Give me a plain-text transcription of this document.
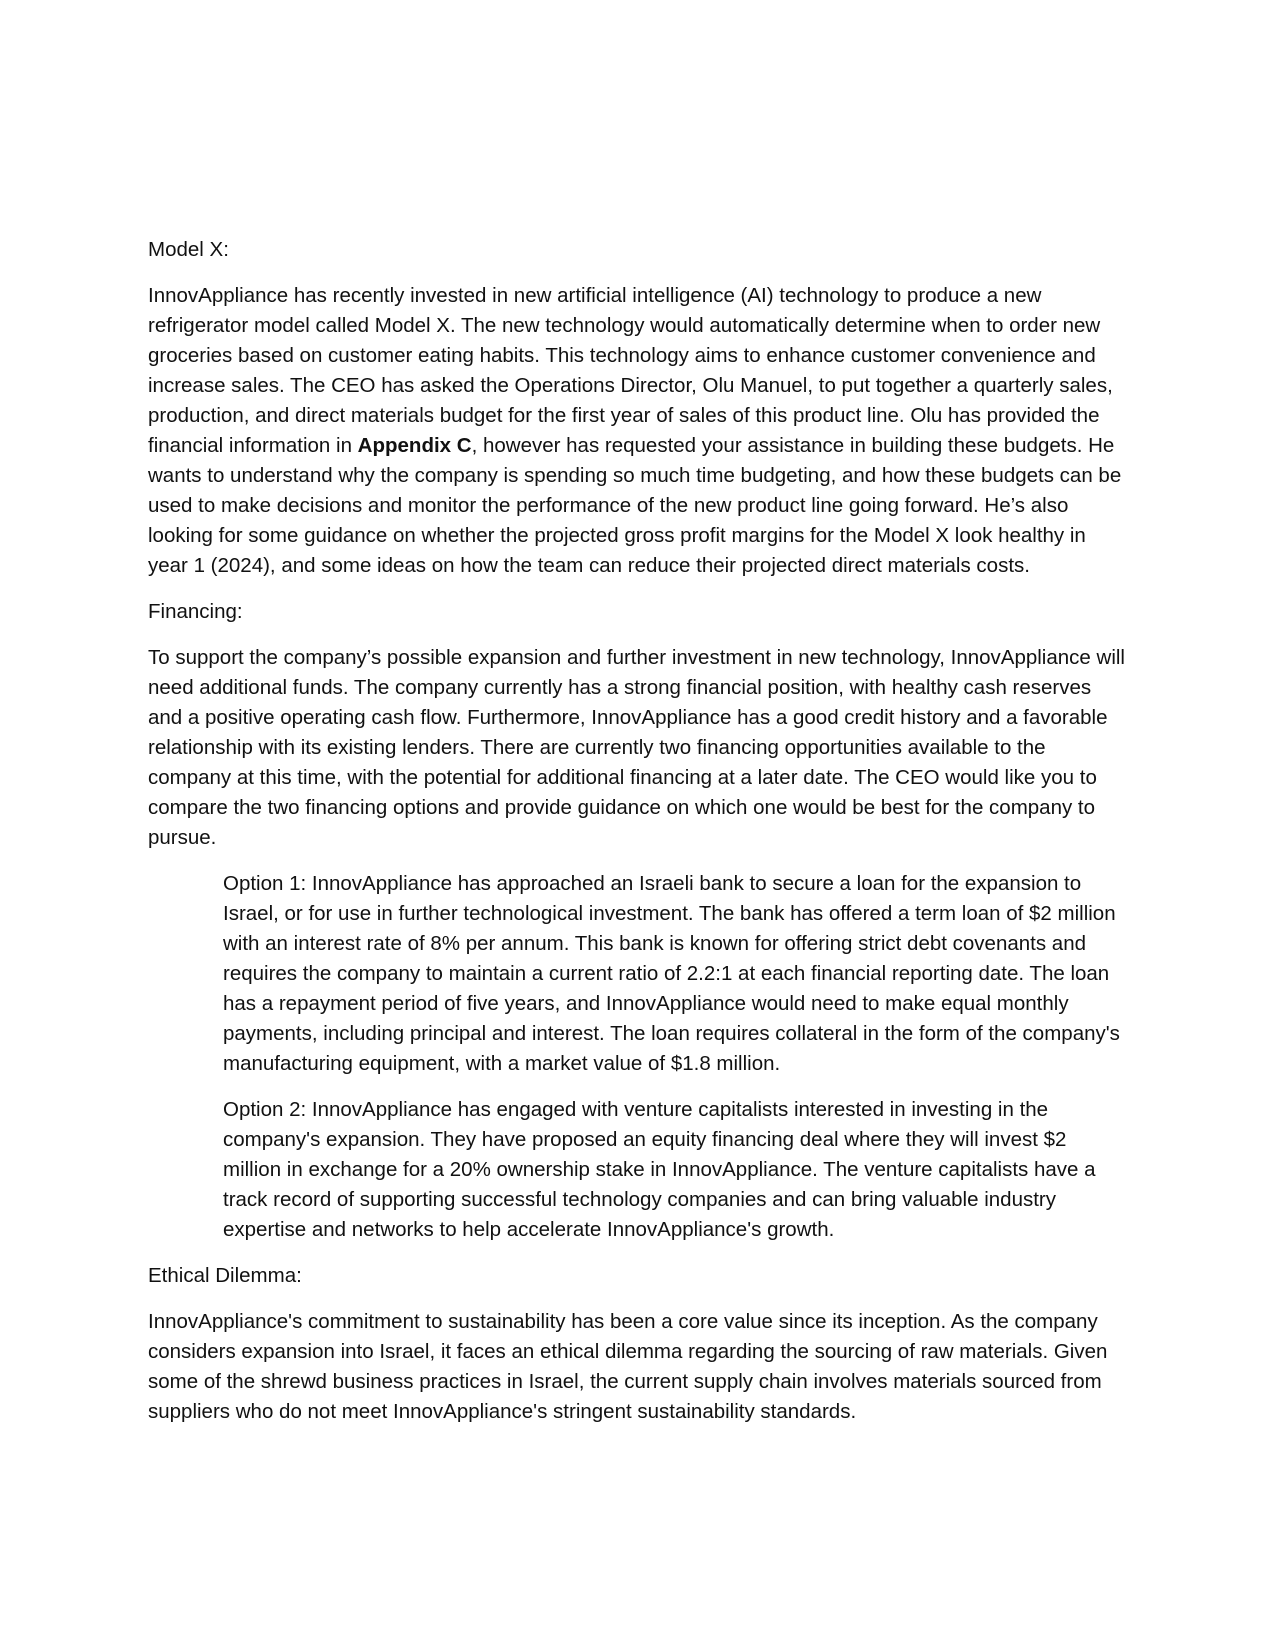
Model X:

InnovAppliance has recently invested in new artificial intelligence (AI) technology to produce a new refrigerator model called Model X. The new technology would automatically determine when to order new groceries based on customer eating habits. This technology aims to enhance customer convenience and increase sales. The CEO has asked the Operations Director, Olu Manuel, to put together a quarterly sales, production, and direct materials budget for the first year of sales of this product line. Olu has provided the financial information in Appendix C, however has requested your assistance in building these budgets. He wants to understand why the company is spending so much time budgeting, and how these budgets can be used to make decisions and monitor the performance of the new product line going forward. He’s also looking for some guidance on whether the projected gross profit margins for the Model X look healthy in year 1 (2024), and some ideas on how the team can reduce their projected direct materials costs.

Financing:

To support the company’s possible expansion and further investment in new technology, InnovAppliance will need additional funds. The company currently has a strong financial position, with healthy cash reserves and a positive operating cash flow. Furthermore, InnovAppliance has a good credit history and a favorable relationship with its existing lenders. There are currently two financing opportunities available to the company at this time, with the potential for additional financing at a later date. The CEO would like you to compare the two financing options and provide guidance on which one would be best for the company to pursue.

Option 1: InnovAppliance has approached an Israeli bank to secure a loan for the expansion to Israel, or for use in further technological investment. The bank has offered a term loan of $2 million with an interest rate of 8% per annum. This bank is known for offering strict debt covenants and requires the company to maintain a current ratio of 2.2:1 at each financial reporting date. The loan has a repayment period of five years, and InnovAppliance would need to make equal monthly payments, including principal and interest. The loan requires collateral in the form of the company's manufacturing equipment, with a market value of $1.8 million.

Option 2: InnovAppliance has engaged with venture capitalists interested in investing in the company's expansion. They have proposed an equity financing deal where they will invest $2 million in exchange for a 20% ownership stake in InnovAppliance. The venture capitalists have a track record of supporting successful technology companies and can bring valuable industry expertise and networks to help accelerate InnovAppliance's growth.

Ethical Dilemma:

InnovAppliance's commitment to sustainability has been a core value since its inception. As the company considers expansion into Israel, it faces an ethical dilemma regarding the sourcing of raw materials. Given some of the shrewd business practices in Israel, the current supply chain involves materials sourced from suppliers who do not meet InnovAppliance's stringent sustainability standards.
